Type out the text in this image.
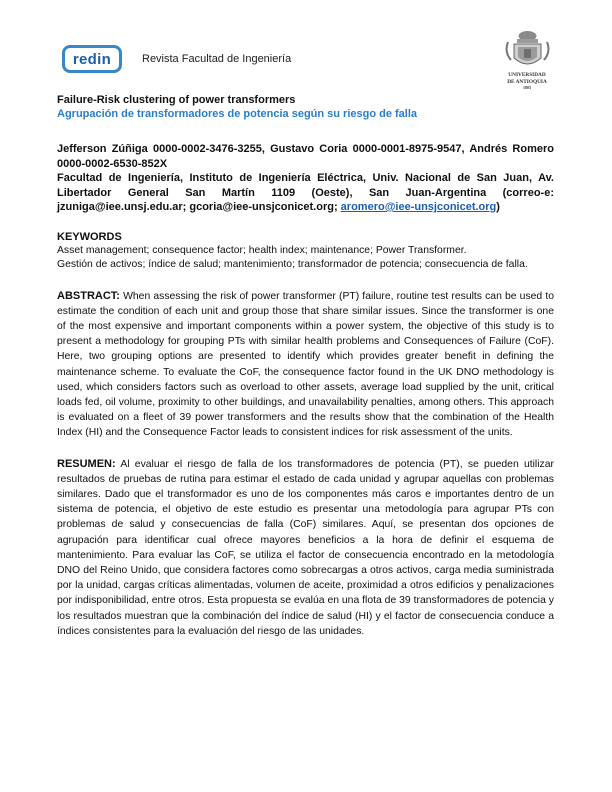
redin	Revista Facultad de Ingeniería
UNIVERSIDAD
DE ANTIOQUIA
1803

Failure-Risk clustering of power transformers

Agrupación de transformadores de potencia según su riesgo de falla

Jefferson Zúñiga 0000-0002-3476-3255, Gustavo Coria 0000-0001-8975-9547, Andrés Romero 0000-0002-6530-852X
Facultad de Ingeniería, Instituto de Ingeniería Eléctrica, Univ. Nacional de San Juan, Av. Libertador General San Martín 1109 (Oeste), San Juan-Argentina (correo-e: jzuniga@iee.unsj.edu.ar; gcoria@iee-unsjconicet.org; aromero@iee-unsjconicet.org)
KEYWORDS
Asset management; consequence factor; health index; maintenance; Power Transformer.
Gestión de activos; índice de salud; mantenimiento; transformador de potencia; consecuencia de falla.
ABSTRACT: When assessing the risk of power transformer (PT) failure, routine test results can be used to estimate the condition of each unit and group those that share similar issues. Since the transformer is one of the most expensive and important components within a power system, the objective of this study is to present a methodology for grouping PTs with similar health problems and Consequences of Failure (CoF). Here, two grouping options are presented to identify which provides greater benefit in defining the maintenance scheme. To evaluate the CoF, the consequence factor found in the UK DNO methodology is used, which considers factors such as overload to other assets, average load supplied by the unit, critical loads fed, oil volume, proximity to other buildings, and unavailability penalties, among others. This approach is evaluated on a fleet of 39 power transformers and the results show that the combination of the Health Index (HI) and the Consequence Factor leads to consistent indices for risk assessment of the units.
RESUMEN: Al evaluar el riesgo de falla de los transformadores de potencia (PT), se pueden utilizar resultados de pruebas de rutina para estimar el estado de cada unidad y agrupar aquellas con problemas similares. Dado que el transformador es uno de los componentes más caros e importantes dentro de un sistema de potencia, el objetivo de este estudio es presentar una metodología para agrupar PTs con problemas de salud y consecuencias de falla (CoF) similares. Aquí, se presentan dos opciones de agrupación para identificar cual ofrece mayores beneficios a la hora de definir el esquema de mantenimiento. Para evaluar las CoF, se utiliza el factor de consecuencia encontrado en la metodología DNO del Reino Unido, que considera factores como sobrecargas a otros activos, carga media suministrada por la unidad, cargas críticas alimentadas, volumen de aceite, proximidad a otros edificios y penalizaciones por indisponibilidad, entre otros. Esta propuesta se evalúa en una flota de 39 transformadores de potencia y los resultados muestran que la combinación del índice de salud (HI) y el factor de consecuencia conduce a índices consistentes para la evaluación del riesgo de las unidades.
